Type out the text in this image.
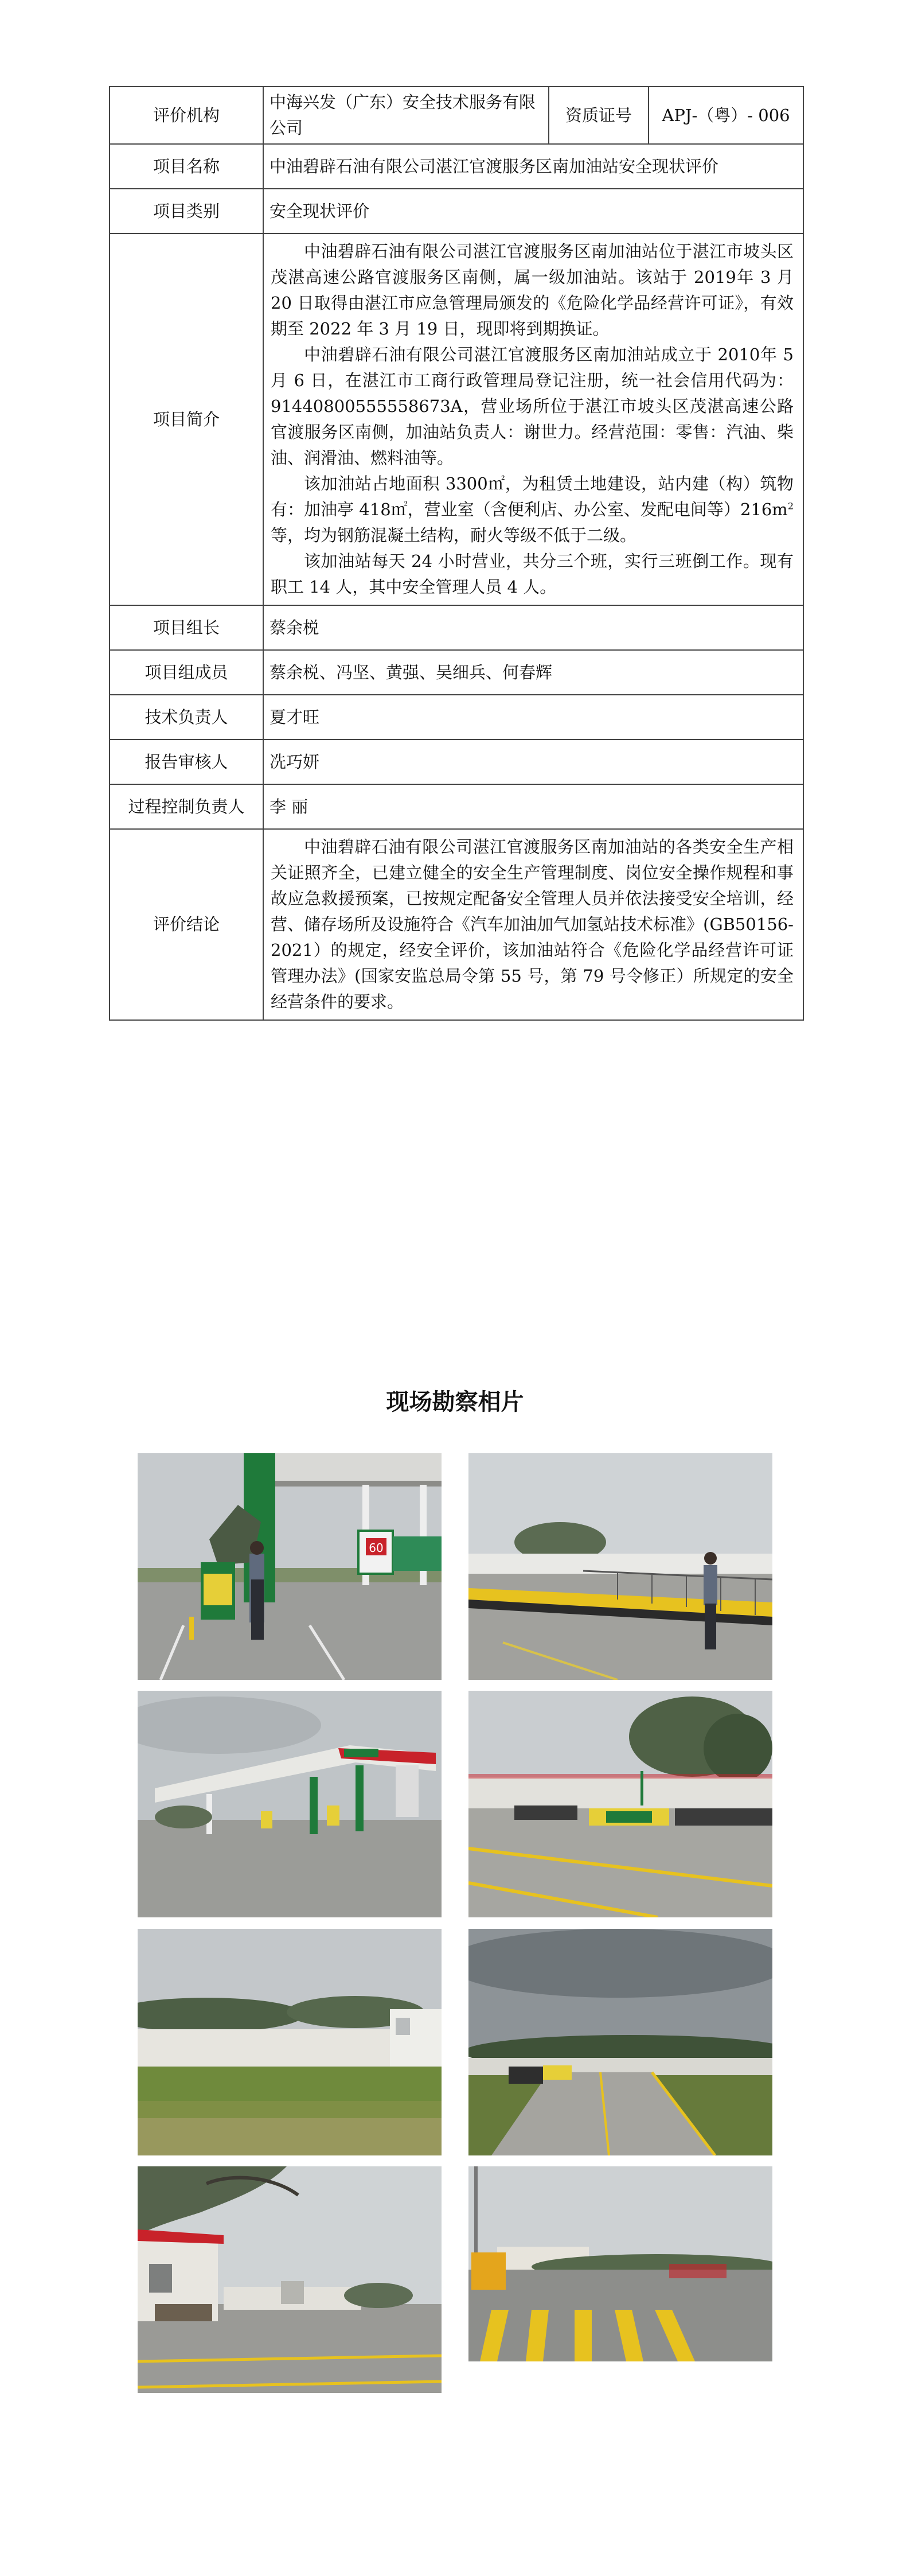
评价机构	中海兴发（广东）安全技术服务有限公司	资质证号	APJ-（粤）- 006
项目名称	中油碧辟石油有限公司湛江官渡服务区南加油站安全现状评价		
项目类别	安全现状评价		
项目简介	中油碧辟石油有限公司湛江官渡服务区南加油站位于湛江市坡头区茂湛高速公路官渡服务区南侧，属一级加油站。该站于 2019年 3 月 20 日取得由湛江市应急管理局颁发的《危险化学品经营许可证》，有效期至 2022 年 3 月 19 日，现即将到期换证。

中油碧辟石油有限公司湛江官渡服务区南加油站成立于 2010年 5 月 6 日，在湛江市工商行政管理局登记注册，统一社会信用代码为：91440800555558673A，营业场所位于湛江市坡头区茂湛高速公路官渡服务区南侧，加油站负责人：谢世力。经营范围：零售：汽油、柴油、润滑油、燃料油等。

该加油站占地面积 3300㎡，为租赁土地建设，站内建（构）筑物有：加油亭 418㎡，营业室（含便利店、办公室、发配电间等）$216m^2$等，均为钢筋混凝土结构，耐火等级不低于二级。

该加油站每天 24 小时营业，共分三个班，实行三班倒工作。现有职工 14 人，其中安全管理人员 4 人。		

项目组长	蔡余棁		
项目组成员	蔡余棁、冯坚、黄强、吴细兵、何春辉		
技术负责人	夏才旺		
报告审核人	冼巧妍		
过程控制负责人	李 丽		
评价结论	中油碧辟石油有限公司湛江官渡服务区南加油站的各类安全生产相关证照齐全，已建立健全的安全生产管理制度、岗位安全操作规程和事故应急救援预案，已按规定配备安全管理人员并依法接受安全培训，经营、储存场所及设施符合《汽车加油加气加氢站技术标准》(GB50156-2021）的规定，经安全评价，该加油站符合《危险化学品经营许可证管理办法》(国家安监总局令第 55 号，第 79 号令修正）所规定的安全经营条件的要求。		

现场勘察相片
60
